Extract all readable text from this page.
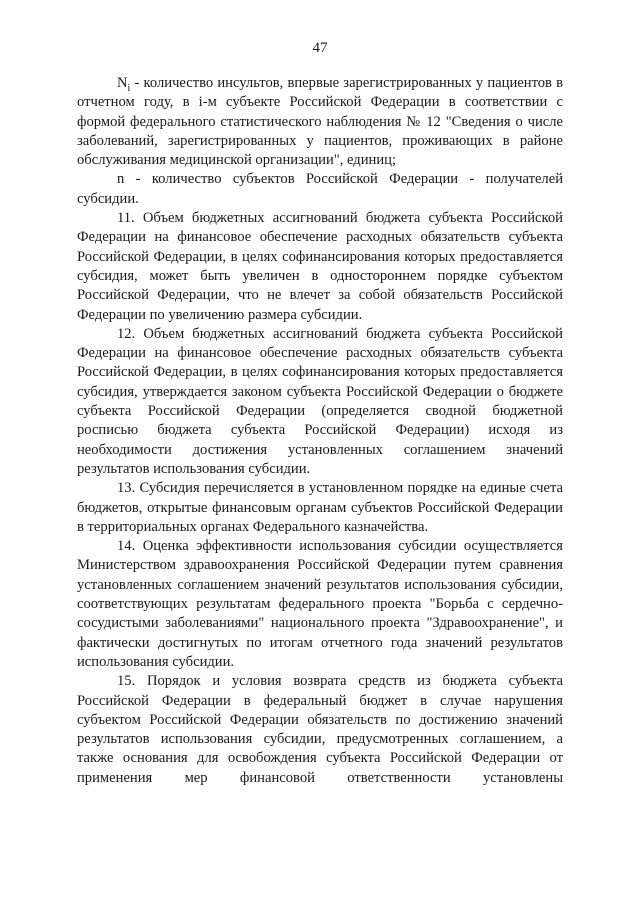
47

$N_i$ - количество инсультов, впервые зарегистрированных у пациентов в отчетном году, в i-м субъекте Российской Федерации в соответствии с формой федерального статистического наблюдения № 12 "Сведения о числе заболеваний, зарегистрированных у пациентов, проживающих в районе обслуживания медицинской организации", единиц;

n - количество субъектов Российской Федерации - получателей субсидии.

11. Объем бюджетных ассигнований бюджета субъекта Российской Федерации на финансовое обеспечение расходных обязательств субъекта Российской Федерации, в целях софинансирования которых предоставляется субсидия, может быть увеличен в одностороннем порядке субъектом Российской Федерации, что не влечет за собой обязательств Российской Федерации по увеличению размера субсидии.

12. Объем бюджетных ассигнований бюджета субъекта Российской Федерации на финансовое обеспечение расходных обязательств субъекта Российской Федерации, в целях софинансирования которых предоставляется субсидия, утверждается законом субъекта Российской Федерации о бюджете субъекта Российской Федерации (определяется сводной бюджетной росписью бюджета субъекта Российской Федерации) исходя из необходимости достижения установленных соглашением значений результатов использования субсидии.

13. Субсидия перечисляется в установленном порядке на единые счета бюджетов, открытые финансовым органам субъектов Российской Федерации в территориальных органах Федерального казначейства.

14. Оценка эффективности использования субсидии осуществляется Министерством здравоохранения Российской Федерации путем сравнения установленных соглашением значений результатов использования субсидии, соответствующих результатам федерального проекта "Борьба с сердечно-сосудистыми заболеваниями" национального проекта "Здравоохранение", и фактически достигнутых по итогам отчетного года значений результатов использования субсидии.

15. Порядок и условия возврата средств из бюджета субъекта Российской Федерации в федеральный бюджет в случае нарушения субъектом Российской Федерации обязательств по достижению значений результатов использования субсидии, предусмотренных соглашением, а также основания для освобождения субъекта Российской Федерации от применения мер финансовой ответственности установлены
